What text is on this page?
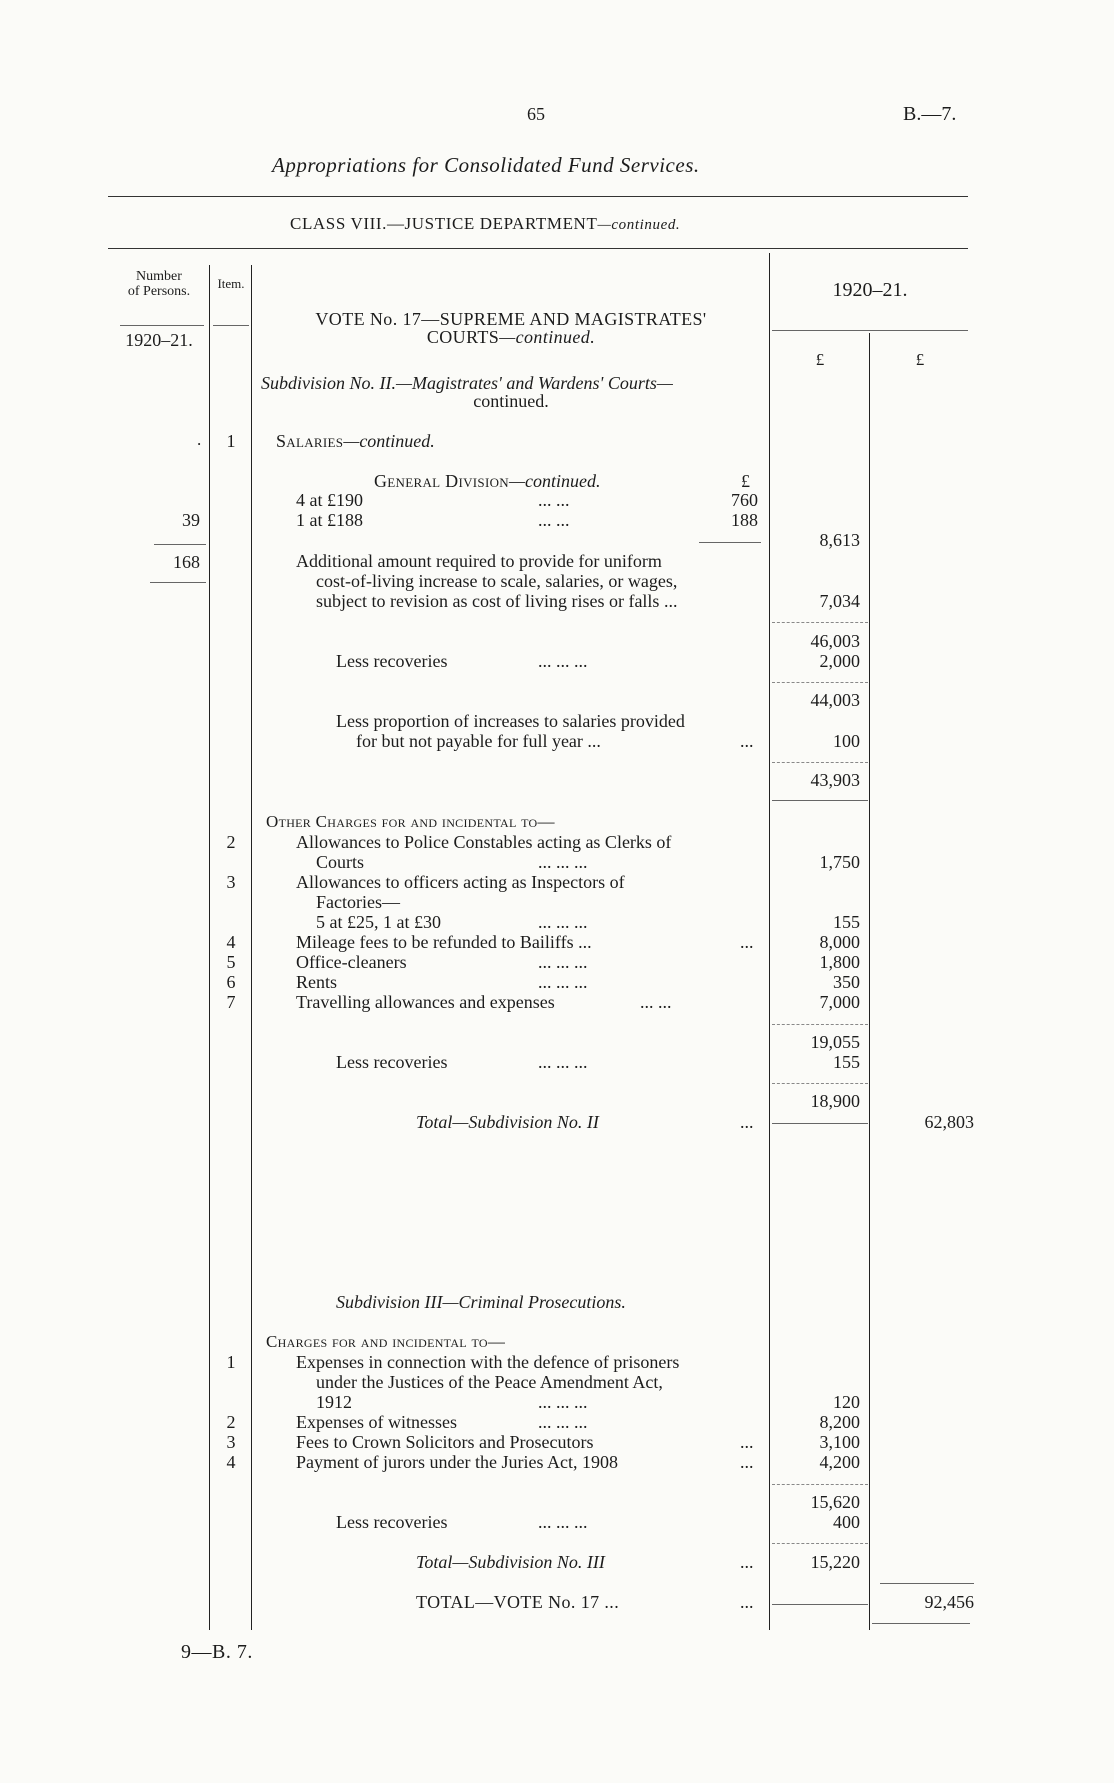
65	B.—7.
Appropriations for Consolidated Fund Services.
CLASS VIII.—JUSTICE DEPARTMENT—continued.
Number
of Persons.
Item.
1920–21.
1920–21.
£	£
VOTE No. 17—SUPREME AND MAGISTRATES'
COURTS—continued.
Subdivision No. II.—Magistrates' and Wardens' Courts—
continued.
.	1	Salaries—continued.
General Division—continued.	£
4 at £190	... ...	760
39	1 at £188	... ...	188
8,613
168	Additional amount required to provide for uniform
cost-of-living increase to scale, salaries, or wages,
subject to revision as cost of living rises or falls ...	7,034
46,003
Less recoveries	... ... ...	2,000
44,003
Less proportion of increases to salaries provided
for but not payable for full year ...	...	100
43,903
Other Charges for and incidental to—
2	Allowances to Police Constables acting as Clerks of
Courts	... ... ...	1,750
3	Allowances to officers acting as Inspectors of
Factories—
5 at £25, 1 at £30	... ... ...	155
4	Mileage fees to be refunded to Bailiffs ...	...	8,000
5	Office-cleaners	... ... ...	1,800
6	Rents	... ... ...	350
7	Travelling allowances and expenses	... ...	7,000
19,055
Less recoveries	... ... ...	155
18,900
Total—Subdivision No. II	...	62,803
Subdivision III—Criminal Prosecutions.
Charges for and incidental to—
1	Expenses in connection with the defence of prisoners
under the Justices of the Peace Amendment Act,
1912	... ... ...	120
2	Expenses of witnesses	... ... ...	8,200
3	Fees to Crown Solicitors and Prosecutors	...	3,100
4	Payment of jurors under the Juries Act, 1908	...	4,200
15,620
Less recoveries	... ... ...	400
Total—Subdivision No. III	...	15,220
TOTAL—VOTE No. 17 ...	...	92,456
9—B. 7.
